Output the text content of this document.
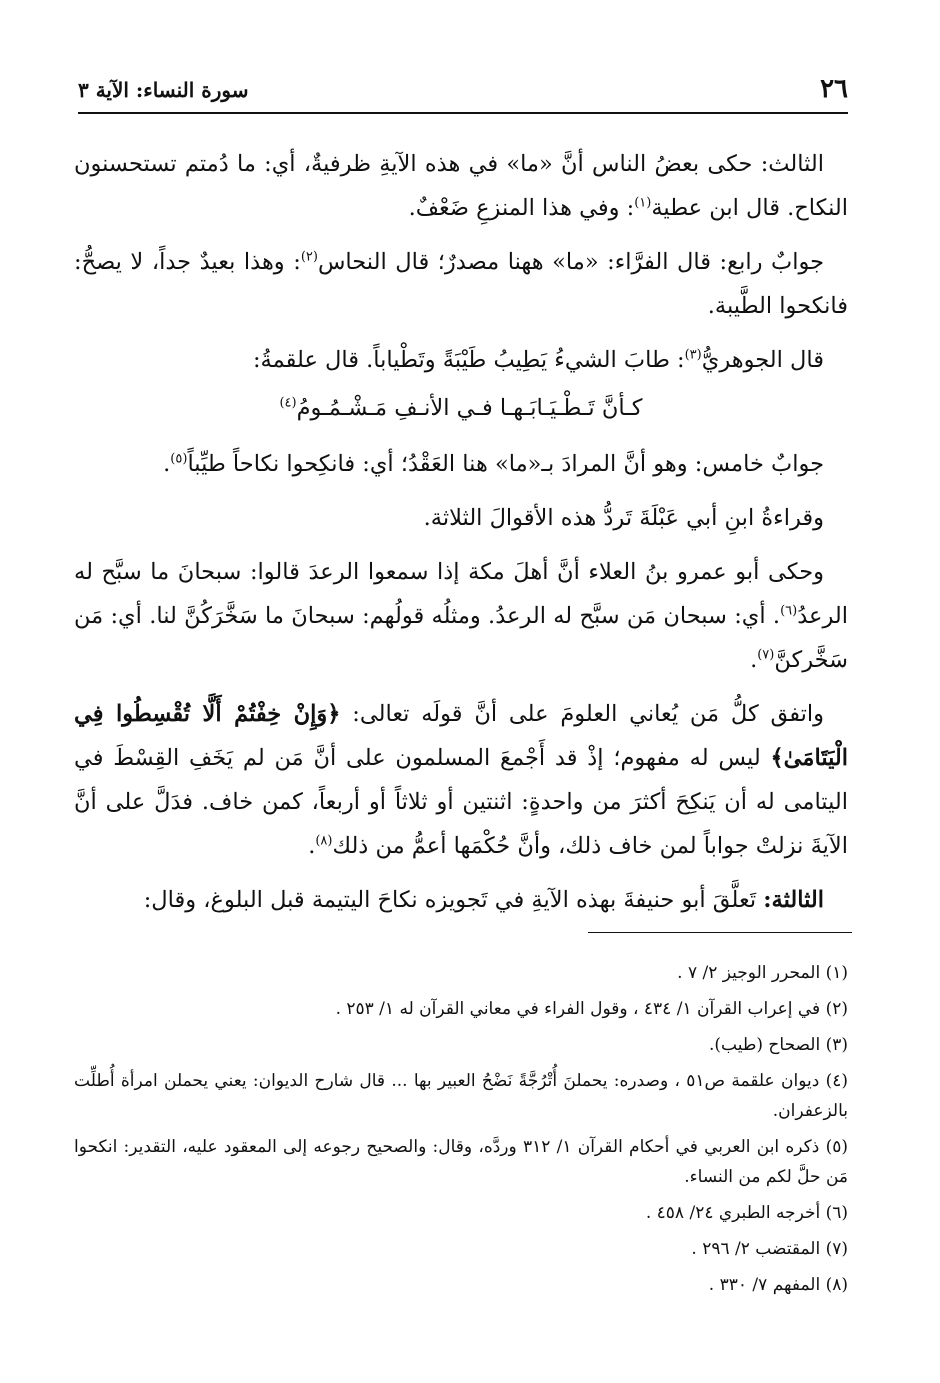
٢٦
سورة النساء: الآية ٣

الثالث: حكى بعضُ الناس أنَّ «ما» في هذه الآيةِ ظرفيةٌ، أي: ما دُمتم تستحسنون النكاح. قال ابن عطية$^{(١)}$: وفي هذا المنزعِ ضَعْفٌ.

جوابٌ رابع: قال الفرَّاء: «ما» ههنا مصدرٌ؛ قال النحاس$^{(٢)}$: وهذا بعيدٌ جداً، لا يصحُّ: فانكحوا الطَّيبة.

قال الجوهريُّ$^{(٣)}$: طابَ الشيءُ يَطِيبُ طَيْبَةً وتَطْياباً. قال علقمةُ:

كـأنَّ تَـطْـيَـابَـهـا فـي الأنـفِ مَـشْـمُـومُ$^{(٤)}$

جوابٌ خامس: وهو أنَّ المرادَ بـ«ما» هنا العَقْدُ؛ أي: فانكِحوا نكاحاً طيِّباً$^{(٥)}$.

وقراءةُ ابنِ أبي عَبْلَةَ تَردُّ هذه الأقوالَ الثلاثة.

وحكى أبو عمرو بنُ العلاء أنَّ أهلَ مكة إذا سمعوا الرعدَ قالوا: سبحانَ ما سبَّح له الرعدُ$^{(٦)}$. أي: سبحان مَن سبَّح له الرعدُ. ومثلُه قولُهم: سبحانَ ما سَخَّرَكُنَّ لنا. أي: مَن سَخَّركنَّ$^{(٧)}$.

واتفق كلُّ مَن يُعاني العلومَ على أنَّ قولَه تعالى: ﴿وَإِنْ خِفْتُمْ أَلَّا تُقْسِطُوا فِي الْيَتَامَىٰ﴾ ليس له مفهوم؛ إذْ قد أَجْمعَ المسلمون على أنَّ مَن لم يَخَفِ القِسْطَ في اليتامى له أن يَنكِحَ أكثرَ من واحدةٍ: اثنتين أو ثلاثاً أو أربعاً، كمن خاف. فدَلَّ على أنَّ الآيةَ نزلتْ جواباً لمن خاف ذلك، وأنَّ حُكْمَها أعمُّ من ذلك$^{(٨)}$.

الثالثة: تَعلَّقَ أبو حنيفةَ بهذه الآيةِ في تَجويزه نكاحَ اليتيمة قبل البلوغ، وقال:

(١) المحرر الوجيز ٢/ ٧ .

(٢) في إعراب القرآن ١/ ٤٣٤ ، وقول الفراء في معاني القرآن له ١/ ٢٥٣ .

(٣) الصحاح (طيب).

(٤) ديوان علقمة ص٥١ ، وصدره: يحملنَ أُتْرُجَّةً نَضْحُ العبير بها ... قال شارح الديوان: يعني يحملن امرأة أُطلِّت بالزعفران.

(٥) ذكره ابن العربي في أحكام القرآن ١/ ٣١٢ وردَّه، وقال: والصحيح رجوعه إلى المعقود عليه، التقدير: انكحوا مَن حلَّ لكم من النساء.

(٦) أخرجه الطبري ٢٤/ ٤٥٨ .

(٧) المقتضب ٢/ ٢٩٦ .

(٨) المفهم ٧/ ٣٣٠ .
